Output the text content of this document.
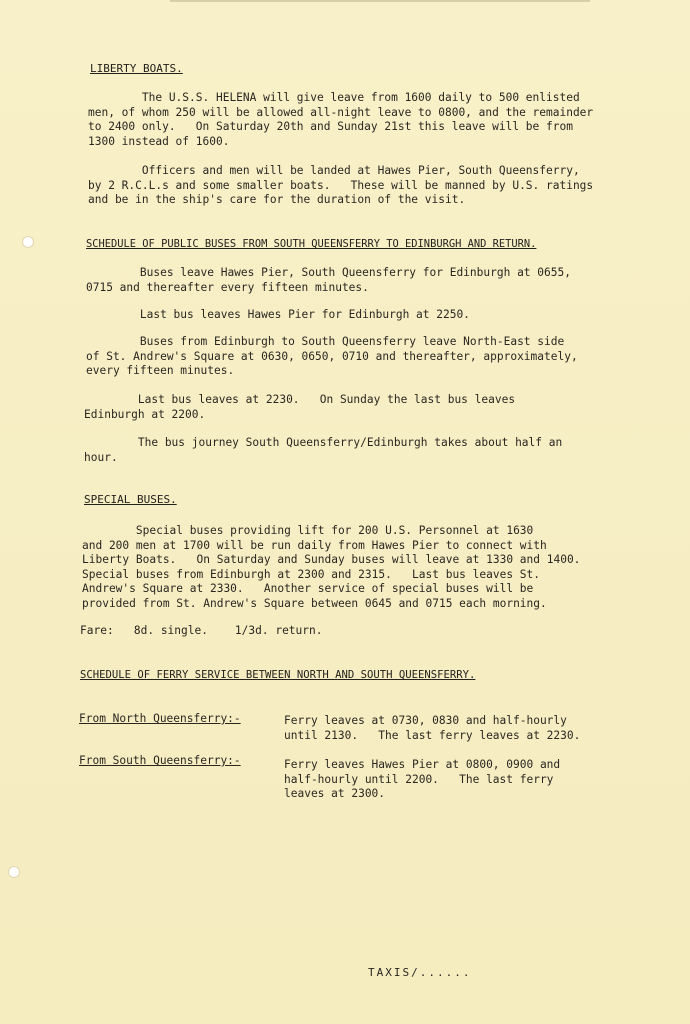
LIBERTY BOATS.
The U.S.S. HELENA will give leave from 1600 daily to 500 enlisted
men, of whom 250 will be allowed all-night leave to 0800, and the remainder
to 2400 only.   On Saturday 20th and Sunday 21st this leave will be from
1300 instead of 1600.
Officers and men will be landed at Hawes Pier, South Queensferry,
by 2 R.C.L.s and some smaller boats.   These will be manned by U.S. ratings
and be in the ship's care for the duration of the visit.
SCHEDULE OF PUBLIC BUSES FROM SOUTH QUEENSFERRY TO EDINBURGH AND RETURN.
Buses leave Hawes Pier, South Queensferry for Edinburgh at 0655,
0715 and thereafter every fifteen minutes.
Last bus leaves Hawes Pier for Edinburgh at 2250.
Buses from Edinburgh to South Queensferry leave North-East side
of St. Andrew's Square at 0630, 0650, 0710 and thereafter, approximately,
every fifteen minutes.
Last bus leaves at 2230.   On Sunday the last bus leaves
Edinburgh at 2200.
The bus journey South Queensferry/Edinburgh takes about half an
hour.
SPECIAL BUSES.
Special buses providing lift for 200 U.S. Personnel at 1630
and 200 men at 1700 will be run daily from Hawes Pier to connect with
Liberty Boats.   On Saturday and Sunday buses will leave at 1330 and 1400.
Special buses from Edinburgh at 2300 and 2315.   Last bus leaves St.
Andrew's Square at 2330.   Another service of special buses will be
provided from St. Andrew's Square between 0645 and 0715 each morning.
Fare:   8d. single.    1/3d. return.
SCHEDULE OF FERRY SERVICE BETWEEN NORTH AND SOUTH QUEENSFERRY.
From North Queensferry:-	Ferry leaves at 0730, 0830 and half-hourly
until 2130.   The last ferry leaves at 2230.
From South Queensferry:-	Ferry leaves Hawes Pier at 0800, 0900 and
half-hourly until 2200.   The last ferry
leaves at 2300.
TAXIS/......
